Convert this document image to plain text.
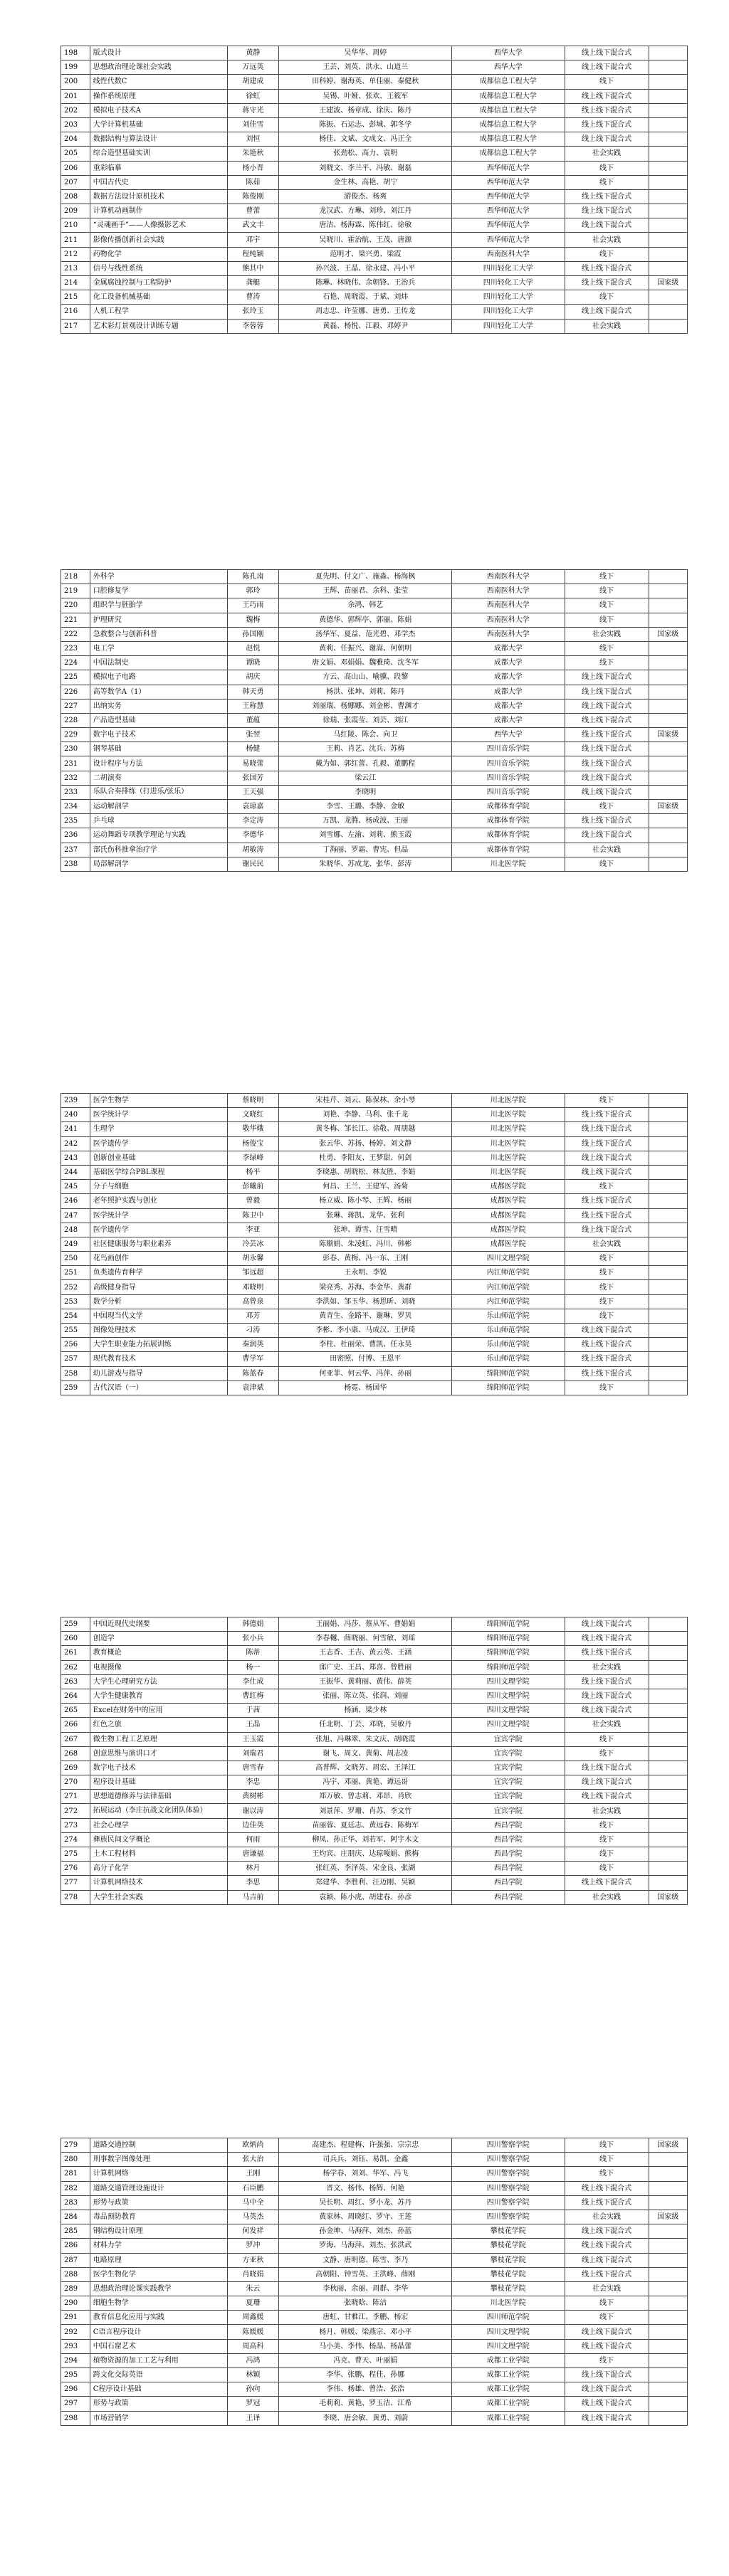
198	版式设计	黄静	吴华华、周婷		西华大学	线上线下混合式	
199	思想政治理论课社会实践	万远英	王芸、刘英、洪永、山道兰		西华大学	线上线下混合式	
200	线性代数C	胡建成	田科婷、谢海英、单佳丽、秦健秋		成都信息工程大学	线下	
201	操作系统原理	徐虹	吴锡、叶娅、张欢、王筱军		成都信息工程大学	线上线下混合式	
202	模拟电子技术A	蒋守光	王建波、杨章成、徐庆、陈丹		成都信息工程大学	线上线下混合式	
203	大学计算机基础	刘佳雪	陈振、石运志、彭城、郭冬学		成都信息工程大学	线上线下混合式	
204	数据结构与算法设计	刘恒	杨佳、文斌、文成文、冯正全		成都信息工程大学	线上线下混合式	
205	综合造型基础实训	朱艳秋	张劲松、高力、袁明		成都信息工程大学	社会实践	
206	重彩临摹	杨小晋	刘晓文、李兰平、冯敏、谢磊		西华师范大学	线下	
207	中国古代史	陈茹	金生林、高艳、胡宁		西华师范大学	线下	
208	数据方法设计原机技术	陈俊刚	游俊杰、杨爽		西华师范大学	线上线下混合式	
209	计算机动画制作	曹蕾	龙汉武、方琳、刘珍、刘江丹		西华师范大学	线上线下混合式	
210	“灵魂画手”——人像摄影艺术	武文丰	唐洁、杨海霖、陈伟红、徐敏		西华师范大学	线上线下混合式	
211	影像传播创新社会实践	邓宇	吴晓川、霍治航、王茂、唐源		西华师范大学	社会实践	
212	药物化学	程纯颖	范明才、梁兴勇、梁霞		西南医科大学	线下	
213	信号与线性系统	熊其中	孙兴波、王晶、徐永建、冯小平		四川轻化工大学	线上线下混合式	
214	金属腐蚀控制与工程防护	龚艇	陈琳、林晓伟、余朝锋、王治兵		四川轻化工大学	线上线下混合式	国家级
215	化工设备机械基础	曹涛	石艳、周晓霞、于斌、刘炜		四川轻化工大学	线下	
216	人机工程学	张玲玉	周志忠、许莹娜、唐勇、王传龙		四川轻化工大学	线上线下混合式	
217	艺术彩灯景观设计训练专题	李蓉蓉	黄磊、杨悦、江毅、邓婷尹		四川轻化工大学	社会实践	
218	外科学	陈孔南	夏先明、付文广、施淼、杨海枫		西南医科大学	线下	
219	口腔修复学	郭玲	王辉、苗丽君、余科、张莹		西南医科大学	线下	
220	组织学与胚胎学	王巧雨	余鸿、韩艺		西南医科大学	线下	
221	护理研究	魏梅	黄德华、郭辉亭、郭丽、陈娟		西南医科大学	线下	
222	急救整合与创新科普	孙国刚	汤华军、夏益、范光碧、邓学杰		西南医科大学	社会实践	国家级
223	电工学	赵悦	黄莉、任振兴、谢嵩、何朝明		成都大学	线下	
224	中国法制史	谭晓	唐文娟、邓娟娟、魏雅琦、沈冬军		成都大学	线下	
225	模拟电子电路	胡庆	方云、高山山、喻骥、段黎		成都大学	线上线下混合式	
226	高等数学A（1）	韩天勇	杨洪、张坤、刘莉、陈丹		成都大学	线上线下混合式	
227	出纳实务	王称慧	刘丽瑞、杨娜娜、刘金彬、曹渊才		成都大学	线上线下混合式	
228	产品造型基础	董蕴	徐瑞、张霞莹、刘芸、刘江		成都大学	线上线下混合式	
229	数字电子技术	张翌	马红陵、陈会、向卫		西华大学	线上线下混合式	国家级
230	钢琴基础	杨健	王莉、肖艺、沈兵、苏梅		四川音乐学院	线上线下混合式	
231	设计程序与方法	易晓蕾	戴为如、郭红蕾、孔毅、董鹏程		四川音乐学院	线上线下混合式	
232	二胡演奏	张国芳	梁云江		四川音乐学院	线上线下混合式	
233	乐队合奏排练（打进乐/弦乐）	王天强	李晓明		四川音乐学院	线上线下混合式	
234	运动解剖学	袁琼嘉	李雪、王璐、李静、金敏		成都体育学院	线下	国家级
235	乒乓球	李定涛	万凯、龙腾、杨成波、王丽		成都体育学院	线上线下混合式	
236	运动舞蹈专项教学理论与实践	李德华	刘雪娜、左渝、刘莉、熊玉霞		成都体育学院	线上线下混合式	
237	部氏伤科推拿治疗学	胡敏涛	丁海丽、罗霜、曹宪、但晶		成都体育学院	社会实践	
238	局部解剖学	谢民民	朱晓华、苏成龙、张华、彭涛		川北医学院	线下	
239	医学生物学	蔡晓明	宋桂芹、刘云、陈保林、余小琴		川北医学院	线下	
240	医学统计学	文晓红	刘艳、李静、马利、张千龙		川北医学院	线上线下混合式	
241	生理学	敬华娥	黄冬梅、邹长江、徐敬、周朋越		川北医学院	线上线下混合式	
242	医学遗传学	杨俊宝	张云华、苏扬、杨婷、刘文静		川北医学院	线上线下混合式	
243	创新创业基础	李绿峰	杜勇、李阳友、王梦甜、何剑		川北医学院	线上线下混合式	
244	基础医学综合PBL课程	杨平	李晓惠、胡晓松、林友胜、李娟		川北医学院	线上线下混合式	
245	分子与细胞	彭曦前	何昌、王兰、王建军、汤菊		成都医学院	线下	
246	老年照护实践与创业	曾毅	杨立威、陈小琴、王辉、杨丽		成都医学院	线上线下混合式	
247	医学统计学	陈卫中	张琳、蒋凯、龙华、张利		成都医学院	线上线下混合式	
248	医学遗传学	李亚	张坤、谭雪、汪雪晴		成都医学院	线上线下混合式	
249	社区健康服务与职业素养	冷芸冰	陈顺娟、朱凌虹、冯川、韩彬		成都医学院	社会实践	
250	花鸟画创作	胡永馨	彭春、黄梅、冯一东、王刚		四川文理学院	线下	
251	鱼类遗传育种学	邹远超	王永明、李锐		内江师范学院	线下	
252	高级健身指导	邓晓明	梁亮秀、苏海、李金华、黄群		内江师范学院	线下	
253	数学分析	高曾泉	李洪如、邹玉华、杨思昕、刘晓		内江师范学院	线下	
254	中国现当代文学	邓芳	黄青生、金路平、谢琳、罗贝		乐山师范学院	线下	
255	图像处理技术	刁涛	李彬、李小康、马成汉、王伊琦		乐山师范学院	线上线下混合式	
256	大学生职业能力拓展训练	秦润英	李柱、杜丽荣、曹凯、任永昊		乐山师范学院	线上线下混合式	
257	现代教育技术	曹学军	田密照、付博、王恩平		乐山师范学院	线上线下混合式	
258	幼儿游戏与指导	陈蓝春	何亚菲、何云华、冯萍、孙丽		绵阳师范学院	线上线下混合式	
259	古代汉语（一）	袁津斌	杨霓、杨国华		绵阳师范学院	线下	
259	中国近现代史纲要	韩德娟	王丽娟、冯莎、蔡从军、曹娟娟		绵阳师范学院	线上线下混合式	
260	创造学	张小兵	李春樾、薛晓丽、何雪敏、刘瑶		绵阳师范学院	线上线下混合式	
261	教育概论	陈蒂	王志香、王吉、黄云英、王涵		绵阳师范学院	线上线下混合式	
262	电视摄像	杨一	邱广史、王昌、郑喜、曾胜丽		绵阳师范学院	社会实践	
263	大学生心理研究方法	李仕成	王振华、黄莉丽、黄伟、薛英		四川文理学院	线上线下混合式	
264	大学生健康教育	曹红梅	张丽、陈立英、张润、刘丽		四川文理学院	线上线下混合式	
265	Excel在财务中的应用	于茜	杨涵、梁少林		四川文理学院	线上线下混合式	
266	红色之旅	王晶	任北明、丁芸、邓晓、吴敏丹		四川文理学院	社会实践	
267	微生物工程工艺原理	王玉霞	张旭、冯琳翠、朱文庆、胡晓霞		宜宾学院	线下	
268	创意思维与演讲口才	刘瑞君	谢飞、周文、黄菊、周志凌		宜宾学院	线下	
269	数字电子技术	唐雪春	高普辉、文晓芳、周宏、王泽江		宜宾学院	线上线下混合式	
270	程序设计基础	李忠	冯宇、邓丽、黄艳、谭远哥		宜宾学院	线上线下混合式	
271	思想道德修养与法律基础	黄树彬	郑万敏、曾志莉、邓昂、肖欣		宜宾学院	线上线下混合式	
272	拓展运动（李庄抗战文化团队体验）	谢以涛	刘景萍、罗珊、肖苏、李文竹		宜宾学院	社会实践	
273	社会心理学	边佳英	苗丽蓉、夏廷志、黄远春、陈梅军		西昌学院	线下	
274	彝族民间文学概论	何雨	柳凤、孙正华、刘若军、阿宇木文		西昌学院	线下	
275	土木工程材料	唐谦福	王灼宾、庄朋庆、达琼嘎娟、熊梅		西昌学院	线下	
276	高分子化学	林月	张红英、李泽英、宋金良、张湖		西昌学院	线下	
277	计算机网络技术	李思	郑建华、李胜利、汪迈刚、吴颖		西昌学院	线上线下混合式	
278	大学生社会实践	马吉前	袁颖、陈小虎、胡建春、孙彦		西昌学院	社会实践	国家级
279	道路交通控制	欧炳尚	高建杰、程建梅、许强强、宗宗忠		四川警察学院	线下	国家级
280	刑事数字图像处理	张大治	司兵兵、刘钰、易凯、金鑫		四川警察学院	线下	
281	计算机网络	王刚	杨学春、刘刘、华军、冯飞		四川警察学院	线下	
282	道路交通管理设施设计	石臣鹏	晋文、杨伟、杨辉、何艳		四川警察学院	线上线下混合式	
283	形势与政策	马中全	吴长明、周红、罗小龙、苏丹		四川警察学院	线上线下混合式	
284	毒品预防教育	马英杰	黄家林、周晓红、罗守、王莲		四川警察学院	社会实践	国家级
285	钢结构设计原理	何发祥	孙金坤、马海萍、刘杰、孙蓝		攀枝花学院	线上线下混合式	
286	材料力学	罗冲	罗海、马海萍、刘杰、张洪武		攀枝花学院	线上线下混合式	
287	电路原理	方亚秋	文静、唐明德、陈雪、李乃		攀枝花学院	线上线下混合式	
288	医学生物化学	肖晓娟	高朝阳、钟雪英、王洪峰、薛刚		攀枝花学院	线上线下混合式	
289	思想政治理论课实践教学	朱云	李秋丽、余丽、周群、李华		攀枝花学院	社会实践	
290	细胞生物学	夏珊	张晓晗、陈洁		川北医学院	线下	
291	教育信息化应用与实践	周鑫媛	唐虹、甘雅江、李鹏、杨宏		四川师范学院	线下	
292	C语言程序设计	陈媛媛	杨月、韩媛、梁燕宗、邓小平		四川文理学院	线上线下混合式	
293	中国石窟艺术	周高科	马小美、李伟、杨晶、杨晶蕾		四川文理学院	线上线下混合式	
294	植物资源的加工工艺与利用	冯鸿	冯克、曹天、叶丽娟		成都工业学院	线下	
295	跨文化交际英语	林颖	李华、张鹏、程佳、孙娜		成都工业学院	线上线下混合式	
296	C程序设计基础	孙向	李伟、杨雄、曾浩、张浩		成都工业学院	线上线下混合式	
297	形势与政策	罗冠	毛莉莉、黄艳、罗玉洁、江希		成都工业学院	线上线下混合式	
298	市场营销学	王译	李晓、唐会敏、黄勇、刘蔚		成都工业学院	线上线下混合式	
